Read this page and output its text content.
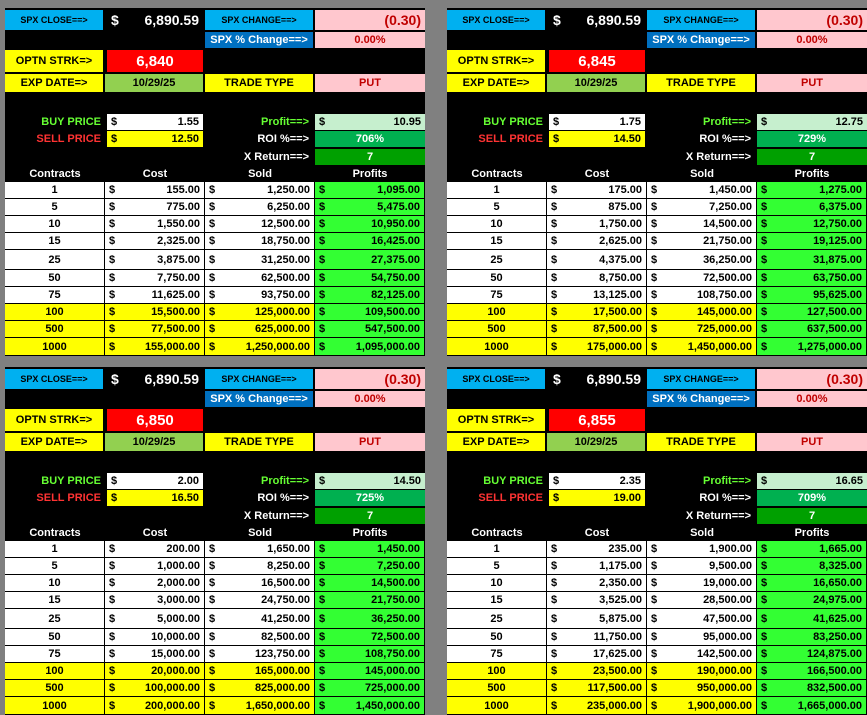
SPX CLOSE==>	$ 6,890.59	SPX CHANGE==>	(0.30)
SPX % Change==>	0.00%
OPTN STRK=>	6,840
EXP DATE=>	10/29/25	TRADE TYPE	PUT
BUY PRICE $	1.55	Profit==> $	10.95
SELL PRICE $	12.50	ROI %==>	706%
X Return==>	7
Contracts	Cost	Sold	Profits
1	$	155.00 $	1,250.00 $	1,095.00
5	$	775.00 $	6,250.00 $	5,475.00
10	$	1,550.00 $	12,500.00 $	10,950.00
15	$	2,325.00 $	18,750.00 $	16,425.00
25	$	3,875.00 $	31,250.00 $	27,375.00
50	$	7,750.00 $	62,500.00 $	54,750.00
75	$	11,625.00 $	93,750.00 $	82,125.00
100	$	15,500.00 $	125,000.00 $	109,500.00
500	$	77,500.00 $	625,000.00 $	547,500.00
1000	$	155,000.00 $	1,250,000.00 $	1,095,000.00
SPX CLOSE==>	$ 6,890.59	SPX CHANGE==>	(0.30)
SPX % Change==>	0.00%
OPTN STRK=>	6,845
EXP DATE=>	10/29/25	TRADE TYPE	PUT
BUY PRICE $	1.75	Profit==> $	12.75
SELL PRICE $	14.50	ROI %==>	729%
X Return==>	7
Contracts	Cost	Sold	Profits
1	$	175.00 $	1,450.00 $	1,275.00
5	$	875.00 $	7,250.00 $	6,375.00
10	$	1,750.00 $	14,500.00 $	12,750.00
15	$	2,625.00 $	21,750.00 $	19,125.00
25	$	4,375.00 $	36,250.00 $	31,875.00
50	$	8,750.00 $	72,500.00 $	63,750.00
75	$	13,125.00 $	108,750.00 $	95,625.00
100	$	17,500.00 $	145,000.00 $	127,500.00
500	$	87,500.00 $	725,000.00 $	637,500.00
1000	$	175,000.00 $	1,450,000.00 $	1,275,000.00
SPX CLOSE==>	$ 6,890.59	SPX CHANGE==>	(0.30)
SPX % Change==>	0.00%
OPTN STRK=>	6,850
EXP DATE=>	10/29/25	TRADE TYPE	PUT
BUY PRICE $	2.00	Profit==> $	14.50
SELL PRICE $	16.50	ROI %==>	725%
X Return==>	7
Contracts	Cost	Sold	Profits
1	$	200.00 $	1,650.00 $	1,450.00
5	$	1,000.00 $	8,250.00 $	7,250.00
10	$	2,000.00 $	16,500.00 $	14,500.00
15	$	3,000.00 $	24,750.00 $	21,750.00
25	$	5,000.00 $	41,250.00 $	36,250.00
50	$	10,000.00 $	82,500.00 $	72,500.00
75	$	15,000.00 $	123,750.00 $	108,750.00
100	$	20,000.00 $	165,000.00 $	145,000.00
500	$	100,000.00 $	825,000.00 $	725,000.00
1000	$	200,000.00 $	1,650,000.00 $	1,450,000.00
SPX CLOSE==>	$ 6,890.59	SPX CHANGE==>	(0.30)
SPX % Change==>	0.00%
OPTN STRK=>	6,855
EXP DATE=>	10/29/25	TRADE TYPE	PUT
BUY PRICE $	2.35	Profit==> $	16.65
SELL PRICE $	19.00	ROI %==>	709%
X Return==>	7
Contracts	Cost	Sold	Profits
1	$	235.00 $	1,900.00 $	1,665.00
5	$	1,175.00 $	9,500.00 $	8,325.00
10	$	2,350.00 $	19,000.00 $	16,650.00
15	$	3,525.00 $	28,500.00 $	24,975.00
25	$	5,875.00 $	47,500.00 $	41,625.00
50	$	11,750.00 $	95,000.00 $	83,250.00
75	$	17,625.00 $	142,500.00 $	124,875.00
100	$	23,500.00 $	190,000.00 $	166,500.00
500	$	117,500.00 $	950,000.00 $	832,500.00
1000	$	235,000.00 $	1,900,000.00 $	1,665,000.00
